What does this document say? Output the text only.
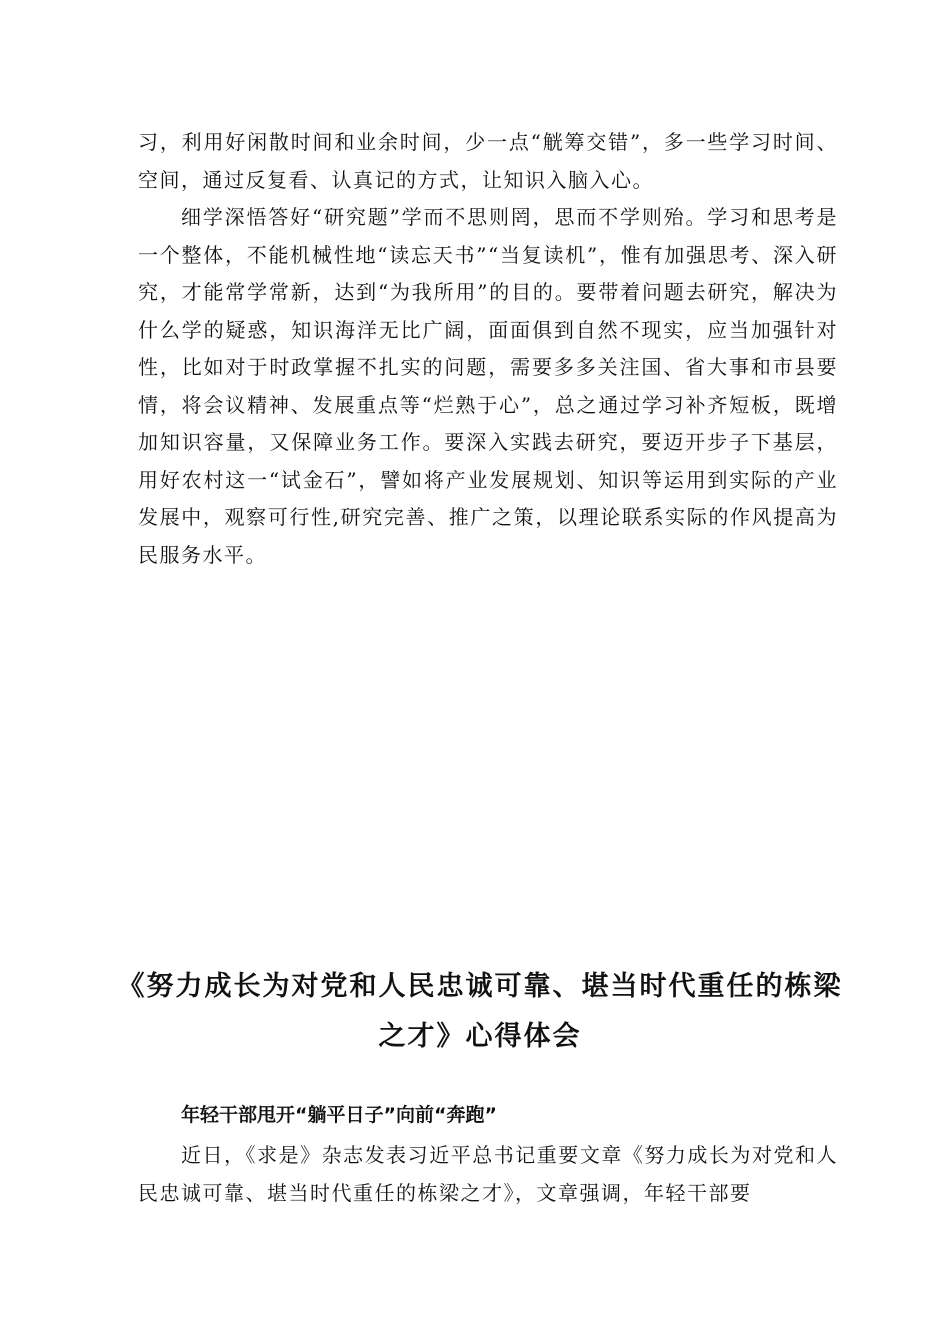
习，利用好闲散时间和业余时间，少一点“觥筹交错”，多一些学习时间、空间，通过反复看、认真记的方式，让知识入脑入心。

细学深悟答好“研究题”学而不思则罔，思而不学则殆。学习和思考是一个整体，不能机械性地“读忘天书”“当复读机”，惟有加强思考、深入研究，才能常学常新，达到“为我所用”的目的。要带着问题去研究，解决为什么学的疑惑，知识海洋无比广阔，面面俱到自然不现实，应当加强针对性，比如对于时政掌握不扎实的问题，需要多多关注国、省大事和市县要情，将会议精神、发展重点等“烂熟于心”，总之通过学习补齐短板，既增加知识容量，又保障业务工作。要深入实践去研究，要迈开步子下基层，用好农村这一“试金石”，譬如将产业发展规划、知识等运用到实际的产业发展中，观察可行性,研究完善、推广之策，以理论联系实际的作风提高为民服务水平。

《努力成长为对党和人民忠诚可靠、堪当时代重任的栋梁之才》心得体会
年轻干部甩开“躺平日子”向前“奔跑”

近日，《求是》杂志发表习近平总书记重要文章《努力成长为对党和人民忠诚可靠、堪当时代重任的栋梁之才》，文章强调，年轻干部要
